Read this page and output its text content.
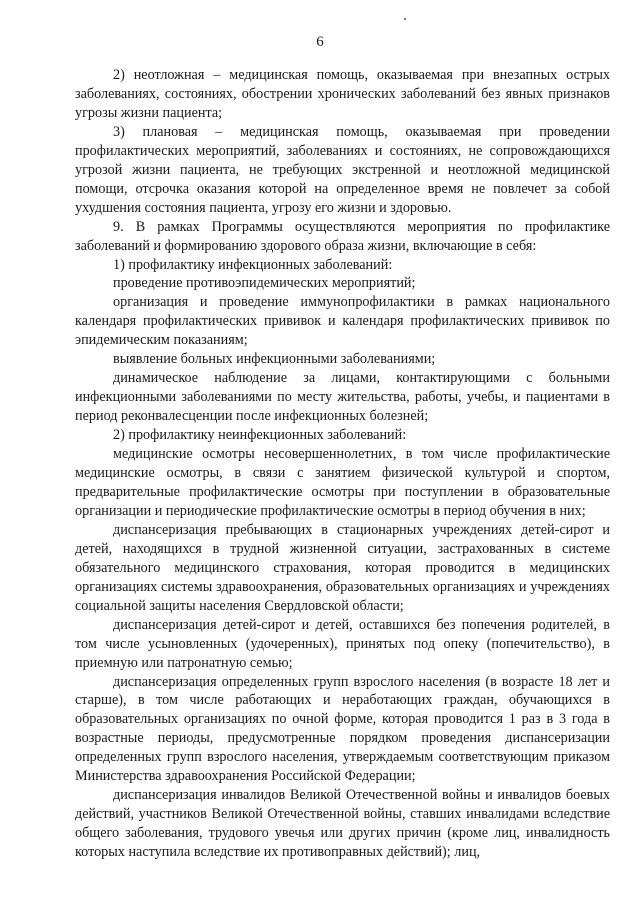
6

2) неотложная – медицинская помощь, оказываемая при внезапных острых заболеваниях, состояниях, обострении хронических заболеваний без явных признаков угрозы жизни пациента;

3) плановая – медицинская помощь, оказываемая при проведении профилактических мероприятий, заболеваниях и состояниях, не сопровождающихся угрозой жизни пациента, не требующих экстренной и неотложной медицинской помощи, отсрочка оказания которой на определенное время не повлечет за собой ухудшения состояния пациента, угрозу его жизни и здоровью.

9. В рамках Программы осуществляются мероприятия по профилактике заболеваний и формированию здорового образа жизни, включающие в себя:

1) профилактику инфекционных заболеваний:

проведение противоэпидемических мероприятий;

организация и проведение иммунопрофилактики в рамках национального календаря профилактических прививок и календаря профилактических прививок по эпидемическим показаниям;

выявление больных инфекционными заболеваниями;

динамическое наблюдение за лицами, контактирующими с больными инфекционными заболеваниями по месту жительства, работы, учебы, и пациентами в период реконвалесценции после инфекционных болезней;

2) профилактику неинфекционных заболеваний:

медицинские осмотры несовершеннолетних, в том числе профилактические медицинские осмотры, в связи с занятием физической культурой и спортом, предварительные профилактические осмотры при поступлении в образовательные организации и периодические профилактические осмотры в период обучения в них;

диспансеризация пребывающих в стационарных учреждениях детей-сирот и детей, находящихся в трудной жизненной ситуации, застрахованных в системе обязательного медицинского страхования, которая проводится в медицинских организациях системы здравоохранения, образовательных организациях и учреждениях социальной защиты населения Свердловской области;

диспансеризация детей-сирот и детей, оставшихся без попечения родителей, в том числе усыновленных (удочеренных), принятых под опеку (попечительство), в приемную или патронатную семью;

диспансеризация определенных групп взрослого населения (в возрасте 18 лет и старше), в том числе работающих и неработающих граждан, обучающихся в образовательных организациях по очной форме, которая проводится 1 раз в 3 года в возрастные периоды, предусмотренные порядком проведения диспансеризации определенных групп взрослого населения, утверждаемым соответствующим приказом Министерства здравоохранения Российской Федерации;

диспансеризация инвалидов Великой Отечественной войны и инвалидов боевых действий, участников Великой Отечественной войны, ставших инвалидами вследствие общего заболевания, трудового увечья или других причин (кроме лиц, инвалидность которых наступила вследствие их противоправных действий); лиц,
